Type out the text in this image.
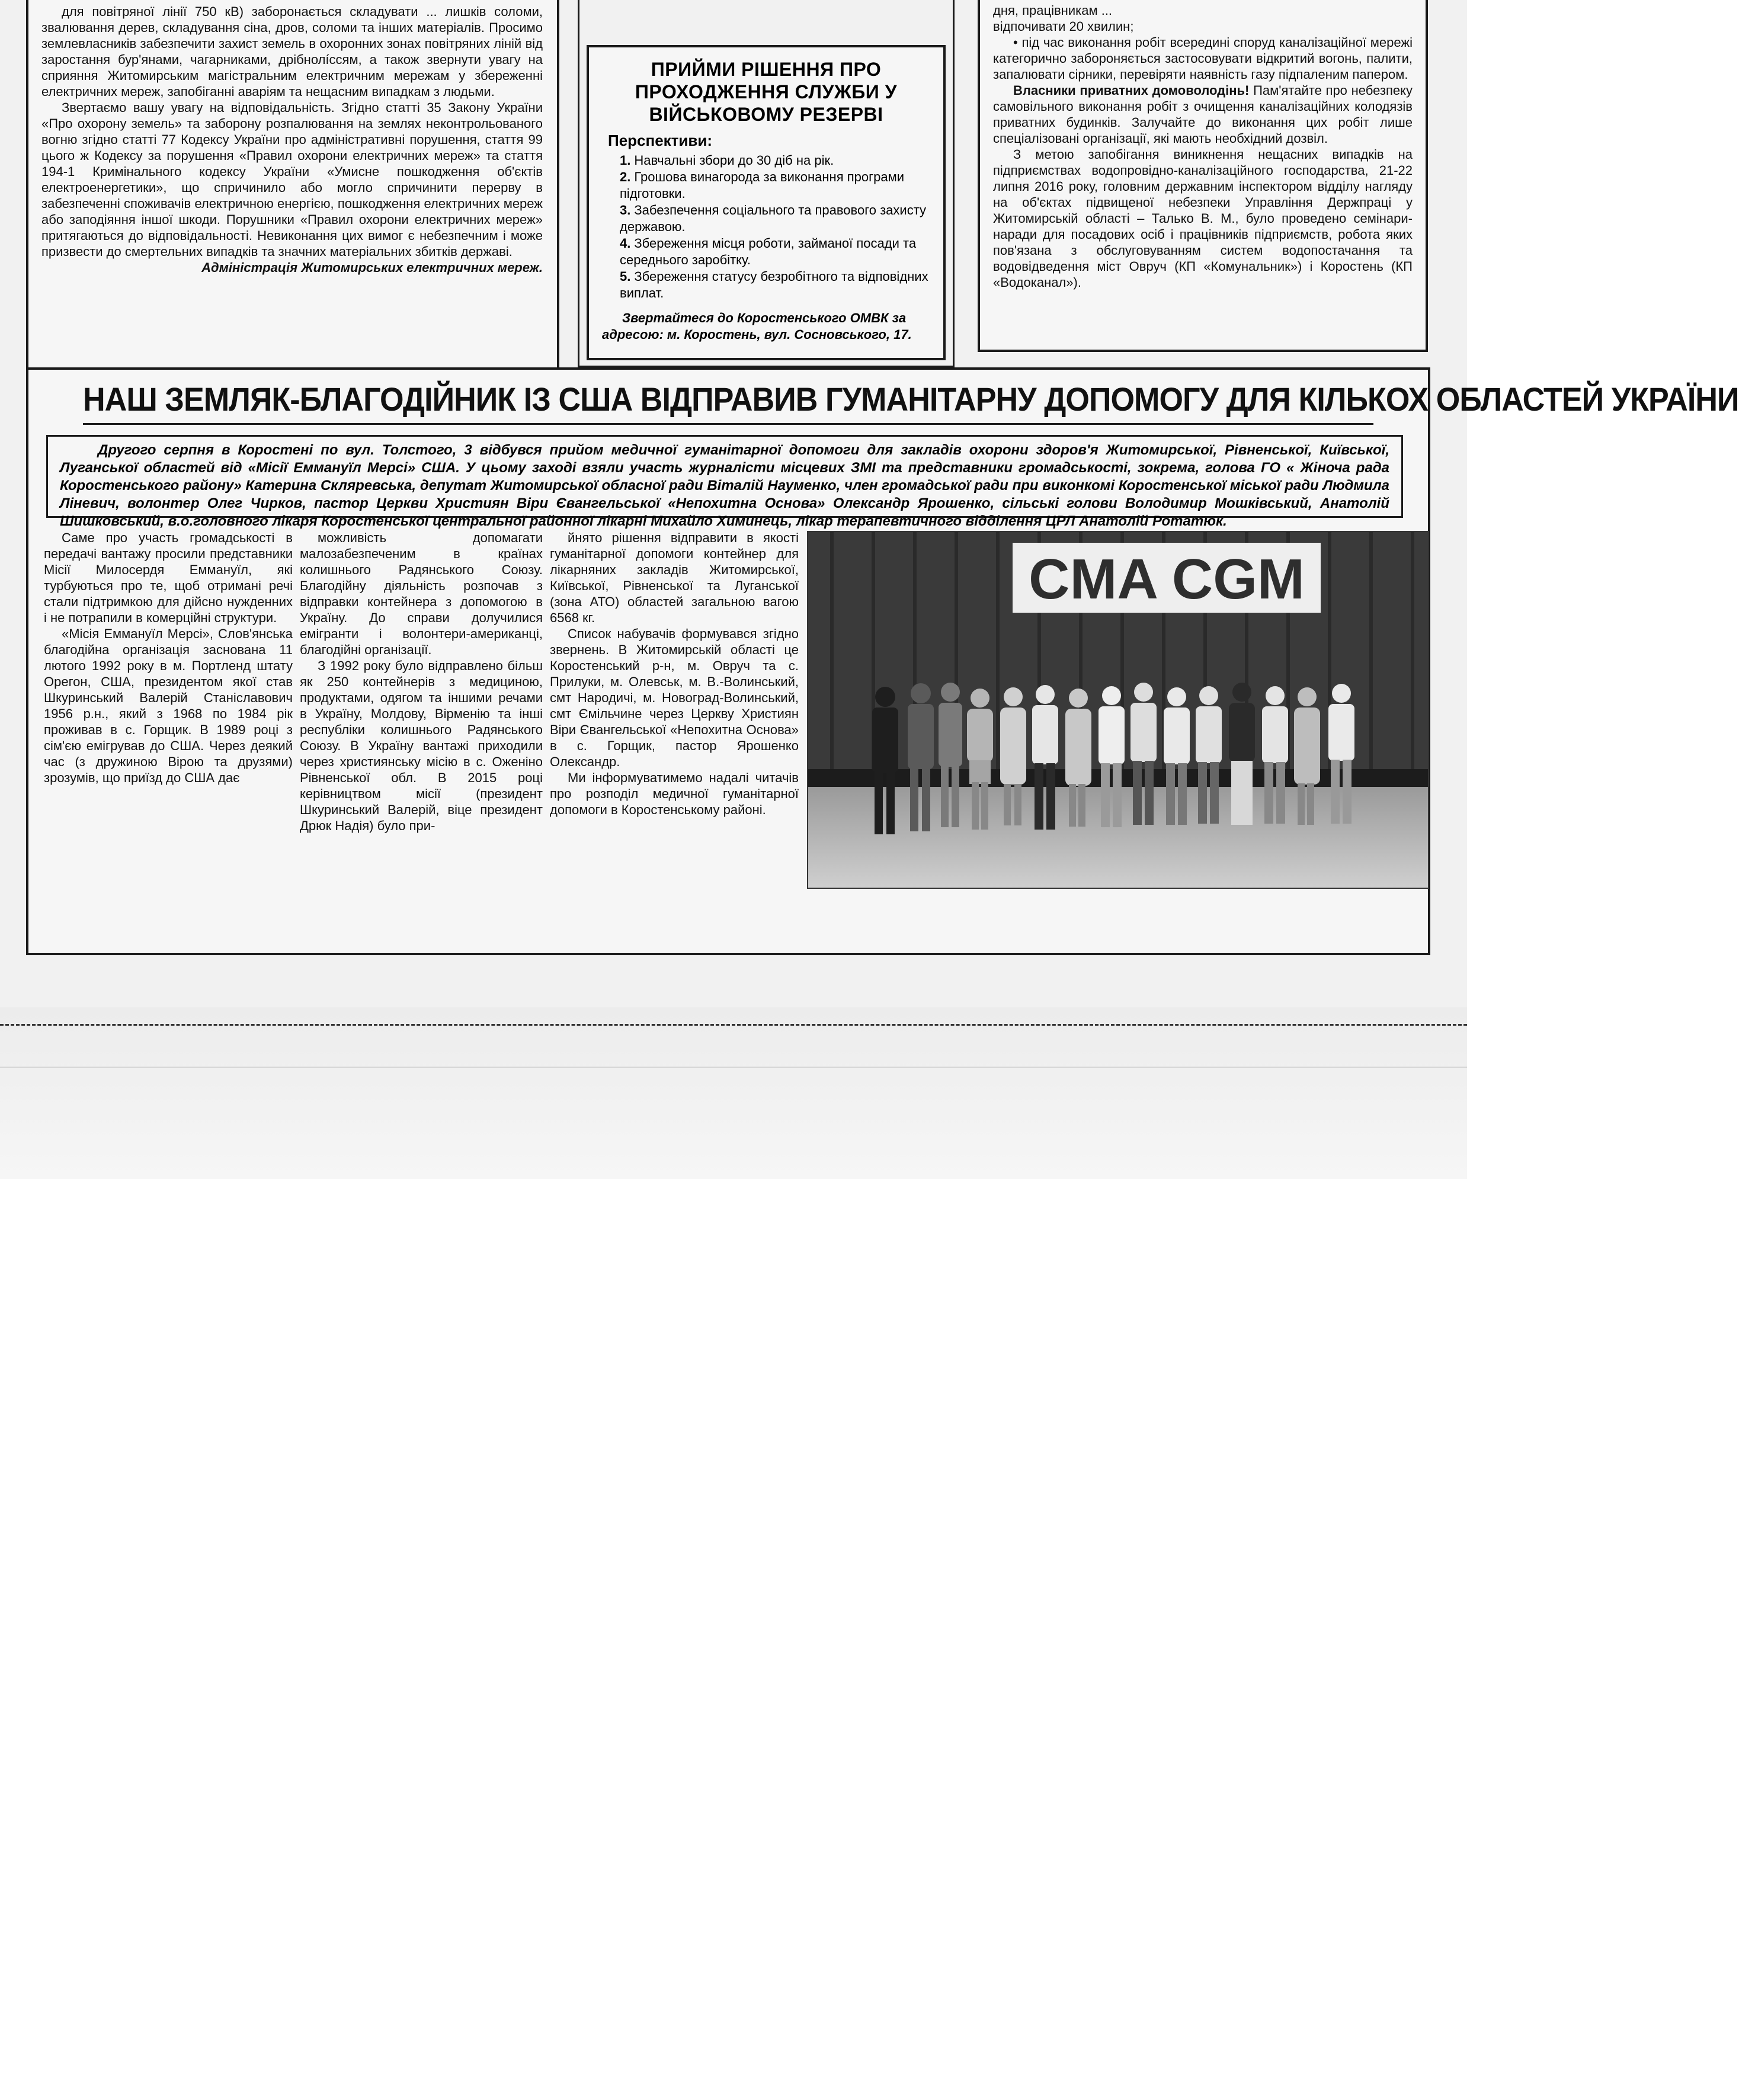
для повітряної лінії 750 кВ) заборонається складувати ... лишків соломи, звалювання дерев, складування сіна, дров, соломи та інших матеріалів. Просимо землевласників забезпечити захист земель в охоронних зонах повітряних ліній від заростання бур'янами, чагарниками, дрібнолíссям, а також звернути увагу на сприяння Житомирським магістральним електричним мережам у збереженні електричних мереж, запобіганні аваріям та нещасним випадкам з людьми.

Звертаємо вашу увагу на відповідальність. Згідно статті 35 Закону України «Про охорону земель» та заборону розпалювання на землях неконтрольованого вогню згідно статті 77 Кодексу України про адміністративні порушення, стаття 99 цього ж Кодексу за порушення «Правил охорони електричних мереж» та стаття 194-1 Кримінального кодексу України «Умисне пошкодження об'єктів електроенергетики», що спричинило або могло спричинити перерву в забезпеченні споживачів електричною енергією, пошкодження електричних мереж або заподіяння іншої шкоди. Порушники «Правил охорони електричних мереж» притягаються до відповідальності. Невиконання цих вимог є небезпечним і може призвести до смертельних випадків та значних матеріальних збитків державі.

Адміністрація Житомирських електричних мереж.

ПРИЙМИ РІШЕННЯ ПРО ПРОХОДЖЕННЯ СЛУЖБИ У ВІЙСЬКОВОМУ РЕЗЕРВІ
Перспективи:
1. Навчальні збори до 30 діб на рік.
2. Грошова винагорода за виконання програми підготовки.
3. Забезпечення соціального та правового захисту державою.
4. Збереження місця роботи, займаної посади та середнього заробітку.
5. Збереження статусу безробітного та відповідних виплат.
Звертайтеся до Коростенського ОМВК за адресою: м. Коростень, вул. Сосновського, 17.

дня, працівникам ...

відпочивати 20 хвилин;

• під час виконання робіт всередині споруд каналізаційної мережі категорично забороняється застосовувати відкритий вогонь, палити, запалювати сірники, перевіряти наявність газу підпаленим папером.

Власники приватних домоволодінь! Пам'ятайте про небезпеку самовільного виконання робіт з очищення каналізаційних колодязів приватних будинків. Залучайте до виконання цих робіт лише спеціалізовані організації, які мають необхідний дозвіл.

З метою запобігання виникнення нещасних випадків на підприємствах водопровідно-каналізаційного господарства, 21-22 липня 2016 року, головним державним інспектором відділу нагляду на об'єктах підвищеної небезпеки Управління Держпраці у Житомирській області – Талько В. М., було проведено семінари-наради для посадових осіб і працівників підприємств, робота яких пов'язана з обслуговуванням систем водопостачання та водовідведення міст Овруч (КП «Комунальник») і Коростень (КП «Водоканал»).

НАШ ЗЕМЛЯК-БЛАГОДІЙНИК ІЗ США ВІДПРАВИВ ГУМАНІТАРНУ ДОПОМОГУ ДЛЯ КІЛЬКОХ ОБЛАСТЕЙ УКРАЇНИ

Другого серпня в Коростені по вул. Толстого, 3 відбувся прийом медичної гуманітарної допомоги для закладів охорони здоров'я Житомирської, Рівненської, Київської, Луганської областей від «Місії Еммануїл Мерсі» США. У цьому заході взяли участь журналісти місцевих ЗМІ та представники громадськості, зокрема, голова ГО « Жіноча рада Коростенського району» Катерина Склярeвська, депутат Житомирської обласної ради Віталій Науменко, член громадської ради при виконкомі Коростенської міської ради Людмила Ліневич, волонтер Олег Чирков, пастор Церкви Християн Віри Євангельської «Непохитна Основа» Олександр Ярошенко, сільські голови Володимир Мошківський, Анатолій Шишковський, в.о.головного лікаря Коростенської центральної районної лікарні Михайло Химинець, лікар терапевтичного відділення ЦРЛ Анатолій Ротатюк.

Саме про участь громадськості в передачі вантажу просили представники Місії Милосердя Еммануїл, які турбуються про те, щоб отримані речі стали підтримкою для дійсно нужденних і не потрапили в комерційні структури.

«Місія Еммануїл Мерсі», Слов'янська благодійна організація заснована 11 лютого 1992 року в м. Портленд штату Орегон, США, президентом якої став Шкуринський Валерій Станіславович 1956 р.н., який з 1968 по 1984 рік проживав в с. Горщик. В 1989 році з сім'єю емігрував до США. Через деякий час (з дружиною Вірою та друзями) зрозумів, що приїзд до США дає

можливість допомагати малозабезпеченим в країнах колишнього Радянського Союзу. Благодійну діяльність розпочав з відправки контейнера з допомогою в Україну. До справи долучилися емігранти і волонтери-американці, благодійні організації.

З 1992 року було відправлено більш як 250 контейнерів з медициною, продуктами, одягом та іншими речами в Україну, Молдову, Вірменію та інші республіки колишнього Радянського Союзу. В Україну вантажі приходили через християнську місію в с. Оженіно Рівненської обл. В 2015 році керівництвом місії (президент Шкуринський Валерій, віце президент Дрюк Надія) було при-

йнято рішення відправити в якості гуманітарної допомоги контейнер для лікарняних закладів Житомирської, Київської, Рівненської та Луганської (зона АТО) областей загальною вагою 6568 кг.

Список набувачів формувався згідно звернень. В Житомирській області це Коростенський р-н, м. Овруч та с. Прилуки, м. Олевськ, м. В.-Волинський, смт Народичі, м. Новоград-Волинський, смт Ємільчине через Церкву Християн Віри Євангельської «Непохитна Основа» в с. Горщик, пастор Ярошенко Олександр.

Ми інформуватимемо надалі читачів про розподіл медичної гуманітарної допомоги в Коростенському районі.

CMA CGM
